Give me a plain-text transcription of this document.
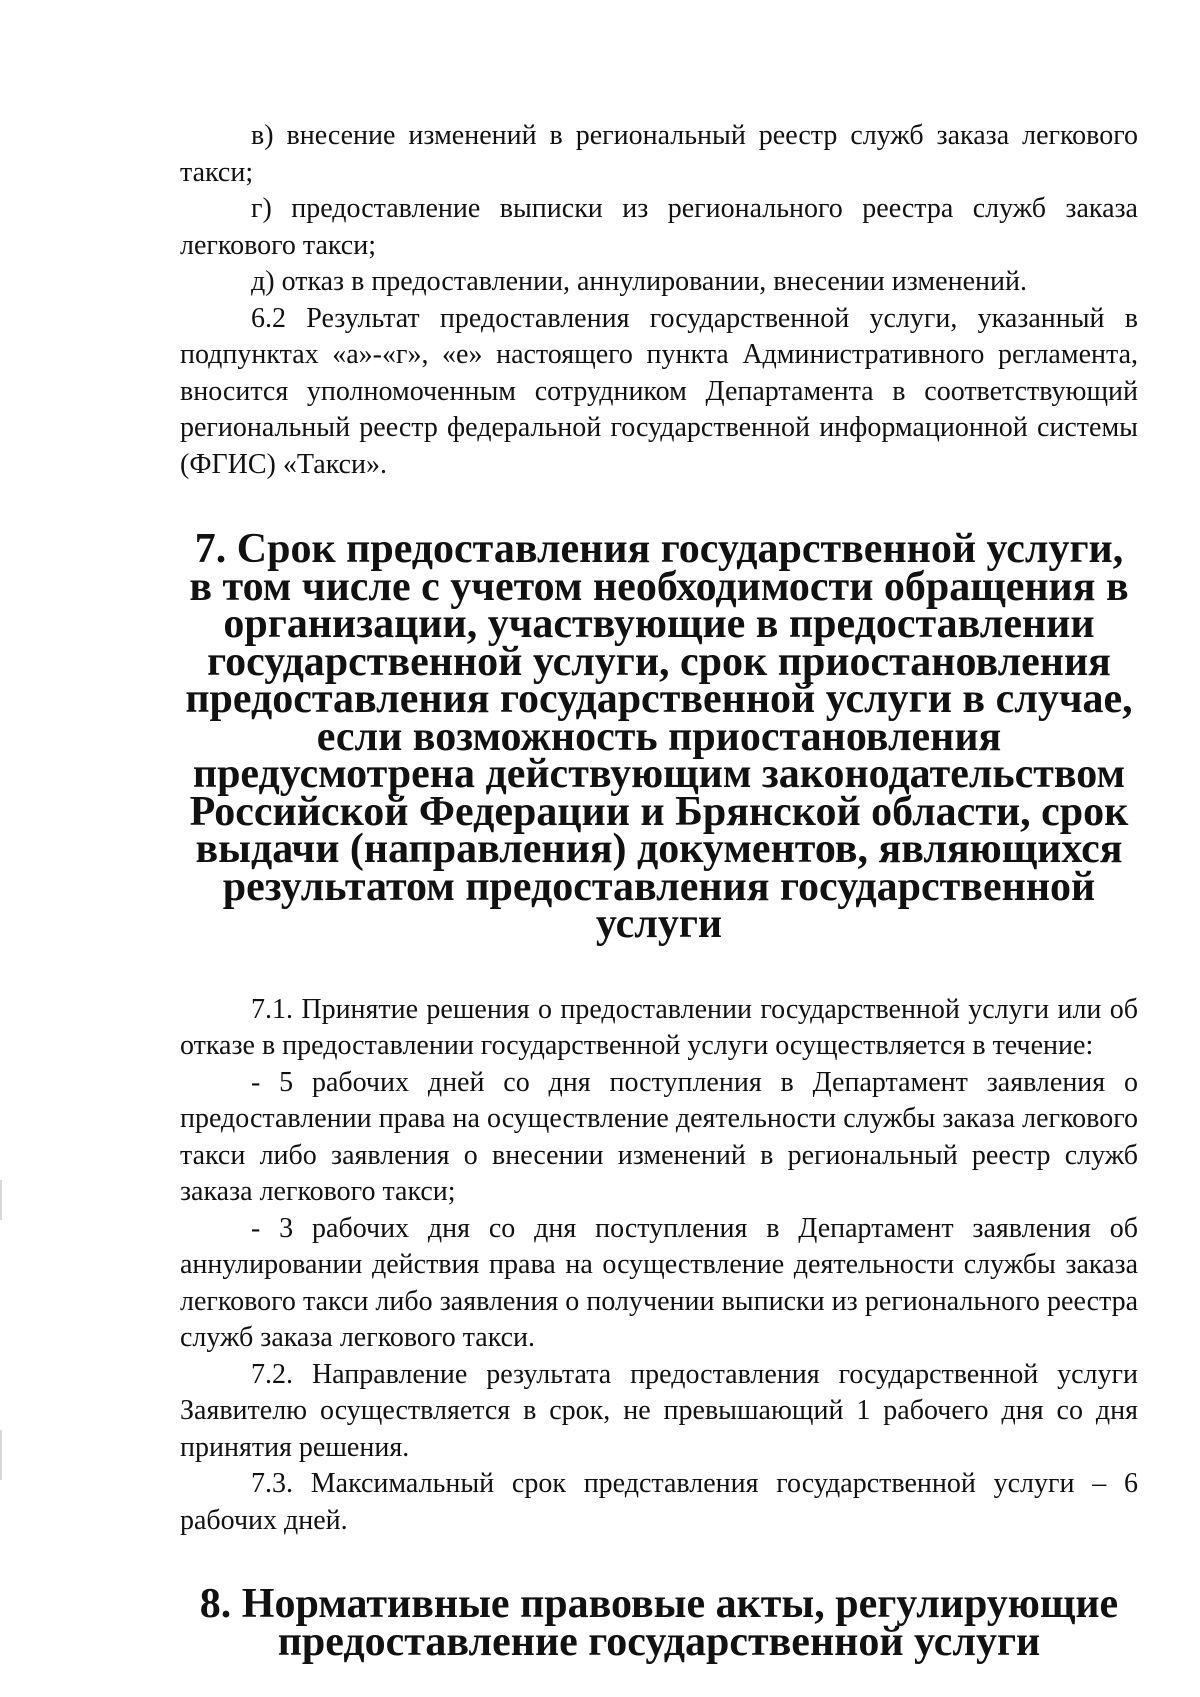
в) внесение изменений в региональный реестр служб заказа легкового такси;

г) предоставление выписки из регионального реестра служб заказа легкового такси;

д) отказ в предоставлении, аннулировании, внесении изменений.

6.2 Результат предоставления государственной услуги, указанный в подпунктах «а»-«г», «е» настоящего пункта Административного регламента, вносится уполномоченным сотрудником Департамента в соответствующий региональный реестр федеральной государственной информационной системы (ФГИС) «Такси».

7. Срок предоставления государственной услуги, в том числе с учетом необходимости обращения в организации, участвующие в предоставлении государственной услуги, срок приостановления предоставления государственной услуги в случае, если возможность приостановления предусмотрена действующим законодательством Российской Федерации и Брянской области, срок выдачи (направления) документов, являющихся результатом предоставления государственной услуги

7.1. Принятие решения о предоставлении государственной услуги или об отказе в предоставлении государственной услуги осуществляется в течение:

- 5 рабочих дней со дня поступления в Департамент заявления о предоставлении права на осуществление деятельности службы заказа легкового такси либо заявления о внесении изменений в региональный реестр служб заказа легкового такси;

- 3 рабочих дня со дня поступления в Департамент заявления об аннулировании действия права на осуществление деятельности службы заказа легкового такси либо заявления о получении выписки из регионального реестра служб заказа легкового такси.

7.2. Направление результата предоставления государственной услуги Заявителю осуществляется в срок, не превышающий 1 рабочего дня со дня принятия решения.

7.3. Максимальный срок представления государственной услуги – 6 рабочих дней.

8. Нормативные правовые акты, регулирующие предоставление государственной услуги
